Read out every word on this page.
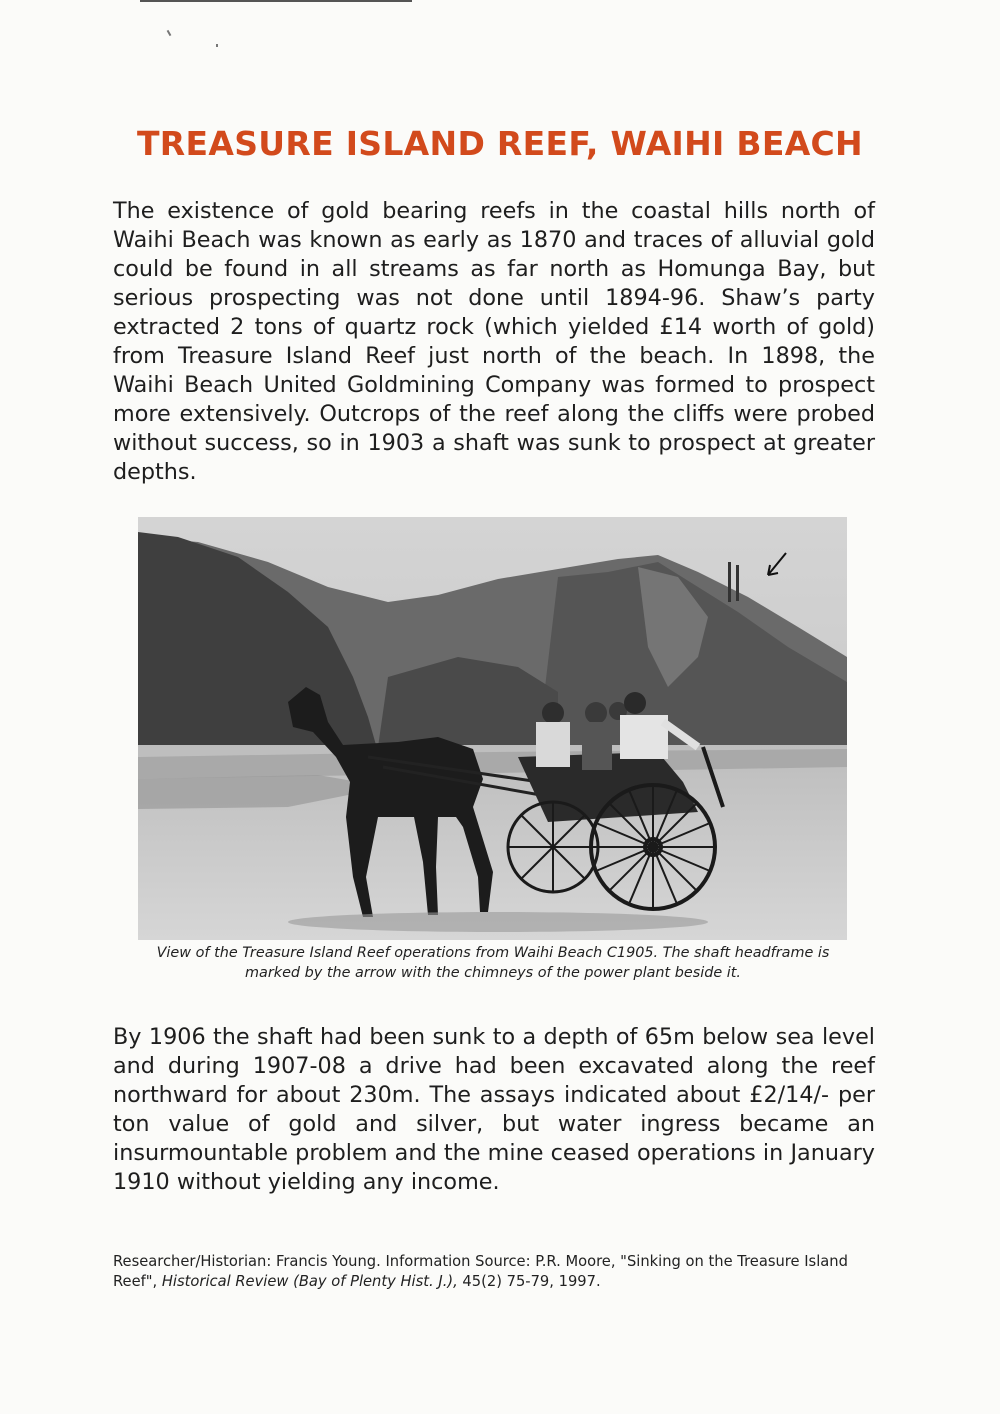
TREASURE ISLAND REEF, WAIHI BEACH

The existence of gold bearing reefs in the coastal hills north of Waihi Beach was known as early as 1870 and traces of alluvial gold could be found in all streams as far north as Homunga Bay, but serious prospecting was not done until 1894-96. Shaw’s party extracted 2 tons of quartz rock (which yielded £14 worth of gold) from Treasure Island Reef just north of the beach. In 1898, the Waihi Beach United Goldmining Company was formed to prospect more extensively. Outcrops of the reef along the cliffs were probed without success, so in 1903 a shaft was sunk to prospect at greater depths.

View of the Treasure Island Reef operations from Waihi Beach C1905. The shaft headframe is marked by the arrow with the chimneys of the power plant beside it.

By 1906 the shaft had been sunk to a depth of 65m below sea level and during 1907-08 a drive had been excavated along the reef northward for about 230m. The assays indicated about £2/14/- per ton value of gold and silver, but water ingress became an insurmountable problem and the mine ceased operations in January 1910 without yielding any income.

Researcher/Historian: Francis Young. Information Source: P.R. Moore, "Sinking on the Treasure Island Reef", Historical Review (Bay of Plenty Hist. J.), 45(2) 75-79, 1997.
